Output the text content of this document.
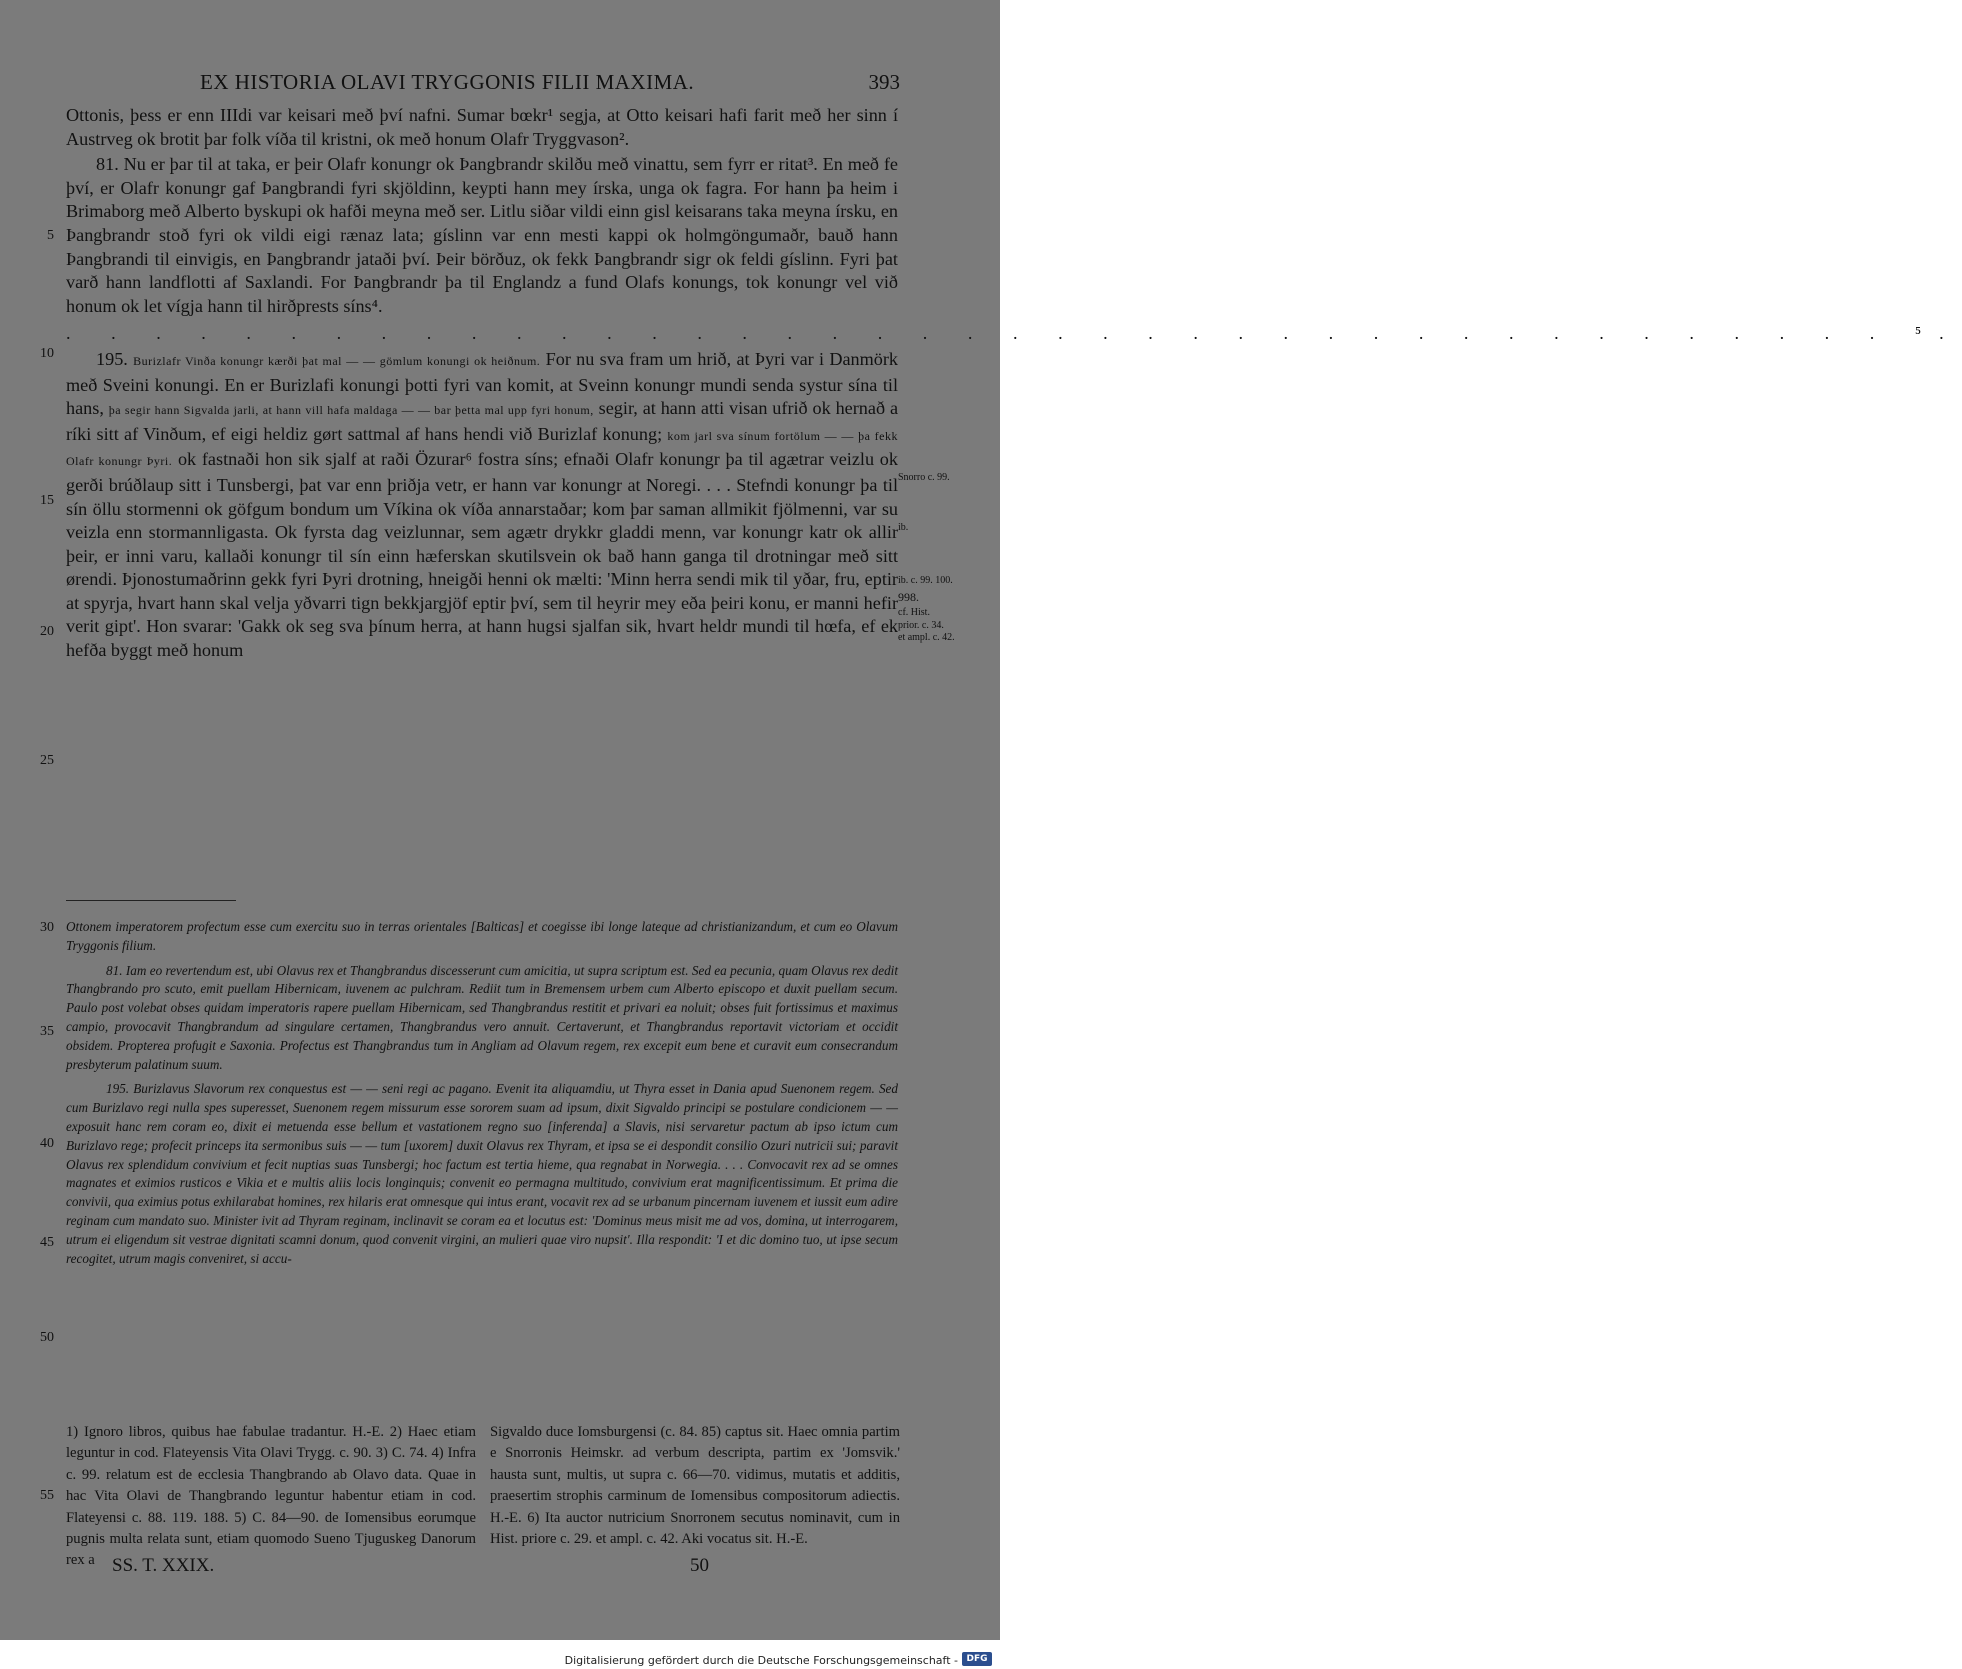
EX HISTORIA OLAVI TRYGGONIS FILII MAXIMA.	393
5
10
15
20
25
30
35
40
45
50
55
Snorro c. 99.
ib.
ib. c. 99. 100.
998.
cf. Hist.
prior. c. 34.
et ampl. c. 42.

Ottonis, þess er enn IIIdi var keisari með því nafni. Sumar bœkr¹ segja, at Otto keisari hafi farit með her sinn í Austrveg ok brotit þar folk víða til kristni, ok með honum Olafr Tryggvason².

81. Nu er þar til at taka, er þeir Olafr konungr ok Þangbrandr skilðu með vinattu, sem fyrr er ritat³. En með fe því, er Olafr konungr gaf Þangbrandi fyri skjöldinn, keypti hann mey írska, unga ok fagra. For hann þa heim i Brimaborg með Alberto byskupi ok hafði meyna með ser. Litlu siðar vildi einn gisl keisarans taka meyna írsku, en Þangbrandr stoð fyri ok vildi eigi rænaz lata; gíslinn var enn mesti kappi ok holmgöngumaðr, bauð hann Þangbrandi til einvigis, en Þangbrandr jataði því. Þeir börðuz, ok fekk Þangbrandr sigr ok feldi gíslinn. Fyri þat varð hann landflotti af Saxlandi. For Þangbrandr þa til Englandz a fund Olafs konungs, tok konungr vel við honum ok let vígja hann til hirðprests síns⁴.

. . . . . . . . . . . . . . . . . . . . . . . . . . . . . . . . . . . . . . . . . ⁵.

195. Burizlafr Vinða konungr kærði þat mal — — gömlum konungi ok heiðnum. For nu sva fram um hrið, at Þyri var i Danmörk með Sveini konungi. En er Burizlafi konungi þotti fyri van komit, at Sveinn konungr mundi senda systur sína til hans, þa segir hann Sigvalda jarli, at hann vill hafa maldaga — — bar þetta mal upp fyri honum, segir, at hann atti visan ufrið ok hernað a ríki sitt af Vinðum, ef eigi heldiz gørt sattmal af hans hendi við Burizlaf konung; kom jarl sva sínum fortölum — — þa fekk Olafr konungr Þyri. ok fastnaði hon sik sjalf at raði Özurar⁶ fostra síns; efnaði Olafr konungr þa til agætrar veizlu ok gerði brúðlaup sitt i Tunsbergi, þat var enn þriðja vetr, er hann var konungr at Noregi. . . . Stefndi konungr þa til sín öllu stormenni ok göfgum bondum um Víkina ok víða annarstaðar; kom þar saman allmikit fjölmenni, var su veizla enn stormannligasta. Ok fyrsta dag veizlunnar, sem agætr drykkr gladdi menn, var konungr katr ok allir þeir, er inni varu, kallaði konungr til sín einn hæferskan skutilsvein ok bað hann ganga til drotningar með sitt ørendi. Þjonostumaðrinn gekk fyri Þyri drotning, hneigði henni ok mælti: 'Minn herra sendi mik til yðar, fru, eptir at spyrja, hvart hann skal velja yðvarri tign bekkjargjöf eptir því, sem til heyrir mey eða þeiri konu, er manni hefir verit gipt'. Hon svarar: 'Gakk ok seg sva þínum herra, at hann hugsi sjalfan sik, hvart heldr mundi til hœfa, ef ek hefða byggt með honum

Ottonem imperatorem profectum esse cum exercitu suo in terras orientales [Balticas] et coegisse ibi longe lateque ad christianizandum, et cum eo Olavum Tryggonis filium.

81. Iam eo revertendum est, ubi Olavus rex et Thangbrandus discesserunt cum amicitia, ut supra scriptum est. Sed ea pecunia, quam Olavus rex dedit Thangbrando pro scuto, emit puellam Hibernicam, iuvenem ac pulchram. Rediit tum in Bremensem urbem cum Alberto episcopo et duxit puellam secum. Paulo post volebat obses quidam imperatoris rapere puellam Hibernicam, sed Thangbrandus restitit et privari ea noluit; obses fuit fortissimus et maximus campio, provocavit Thangbrandum ad singulare certamen, Thangbrandus vero annuit. Certaverunt, et Thangbrandus reportavit victoriam et occidit obsidem. Propterea profugit e Saxonia. Profectus est Thangbrandus tum in Angliam ad Olavum regem, rex excepit eum bene et curavit eum consecrandum presbyterum palatinum suum.

195. Burizlavus Slavorum rex conquestus est — — seni regi ac pagano. Evenit ita aliquamdiu, ut Thyra esset in Dania apud Suenonem regem. Sed cum Burizlavo regi nulla spes superesset, Suenonem regem missurum esse sororem suam ad ipsum, dixit Sigvaldo principi se postulare condicionem — — exposuit hanc rem coram eo, dixit ei metuenda esse bellum et vastationem regno suo [inferenda] a Slavis, nisi servaretur pactum ab ipso ictum cum Burizlavo rege; profecit princeps ita sermonibus suis — — tum [uxorem] duxit Olavus rex Thyram, et ipsa se ei despondit consilio Ozuri nutricii sui; paravit Olavus rex splendidum convivium et fecit nuptias suas Tunsbergi; hoc factum est tertia hieme, qua regnabat in Norwegia. . . . Convocavit rex ad se omnes magnates et eximios rusticos e Vikia et e multis aliis locis longinquis; convenit eo permagna multitudo, convivium erat magnificentissimum. Et prima die convivii, qua eximius potus exhilarabat homines, rex hilaris erat omnesque qui intus erant, vocavit rex ad se urbanum pincernam iuvenem et iussit eum adire reginam cum mandato suo. Minister ivit ad Thyram reginam, inclinavit se coram ea et locutus est: 'Dominus meus misit me ad vos, domina, ut interrogarem, utrum ei eligendum sit vestrae dignitati scamni donum, quod convenit virgini, an mulieri quae viro nupsit'. Illa respondit: 'I et dic domino tuo, ut ipse secum recogitet, utrum magis conveniret, si accu-

1) Ignoro libros, quibus hae fabulae tradantur. H.-E. 2) Haec etiam leguntur in cod. Flateyensis Vita Olavi Trygg. c. 90. 3) C. 74. 4) Infra c. 99. relatum est de ecclesia Thangbrando ab Olavo data. Quae in hac Vita Olavi de Thangbrando leguntur habentur etiam in cod. Flateyensi c. 88. 119. 188. 5) C. 84—90. de Iomensibus eorumque pugnis multa relata sunt, etiam quomodo Sueno Tjuguskeg Danorum rex a

Sigvaldo duce Iomsburgensi (c. 84. 85) captus sit. Haec omnia partim e Snorronis Heimskr. ad verbum descripta, partim ex 'Jomsvik.' hausta sunt, multis, ut supra c. 66—70. vidimus, mutatis et additis, praesertim strophis carminum de Iomensibus compositorum adiectis. H.-E. 6) Ita auctor nutricium Snorronem secutus nominavit, cum in Hist. priore c. 29. et ampl. c. 42. Aki vocatus sit. H.-E.

SS. T. XXIX.	50
Digitalisierung gefördert durch die Deutsche Forschungsgemeinschaft - DFG
